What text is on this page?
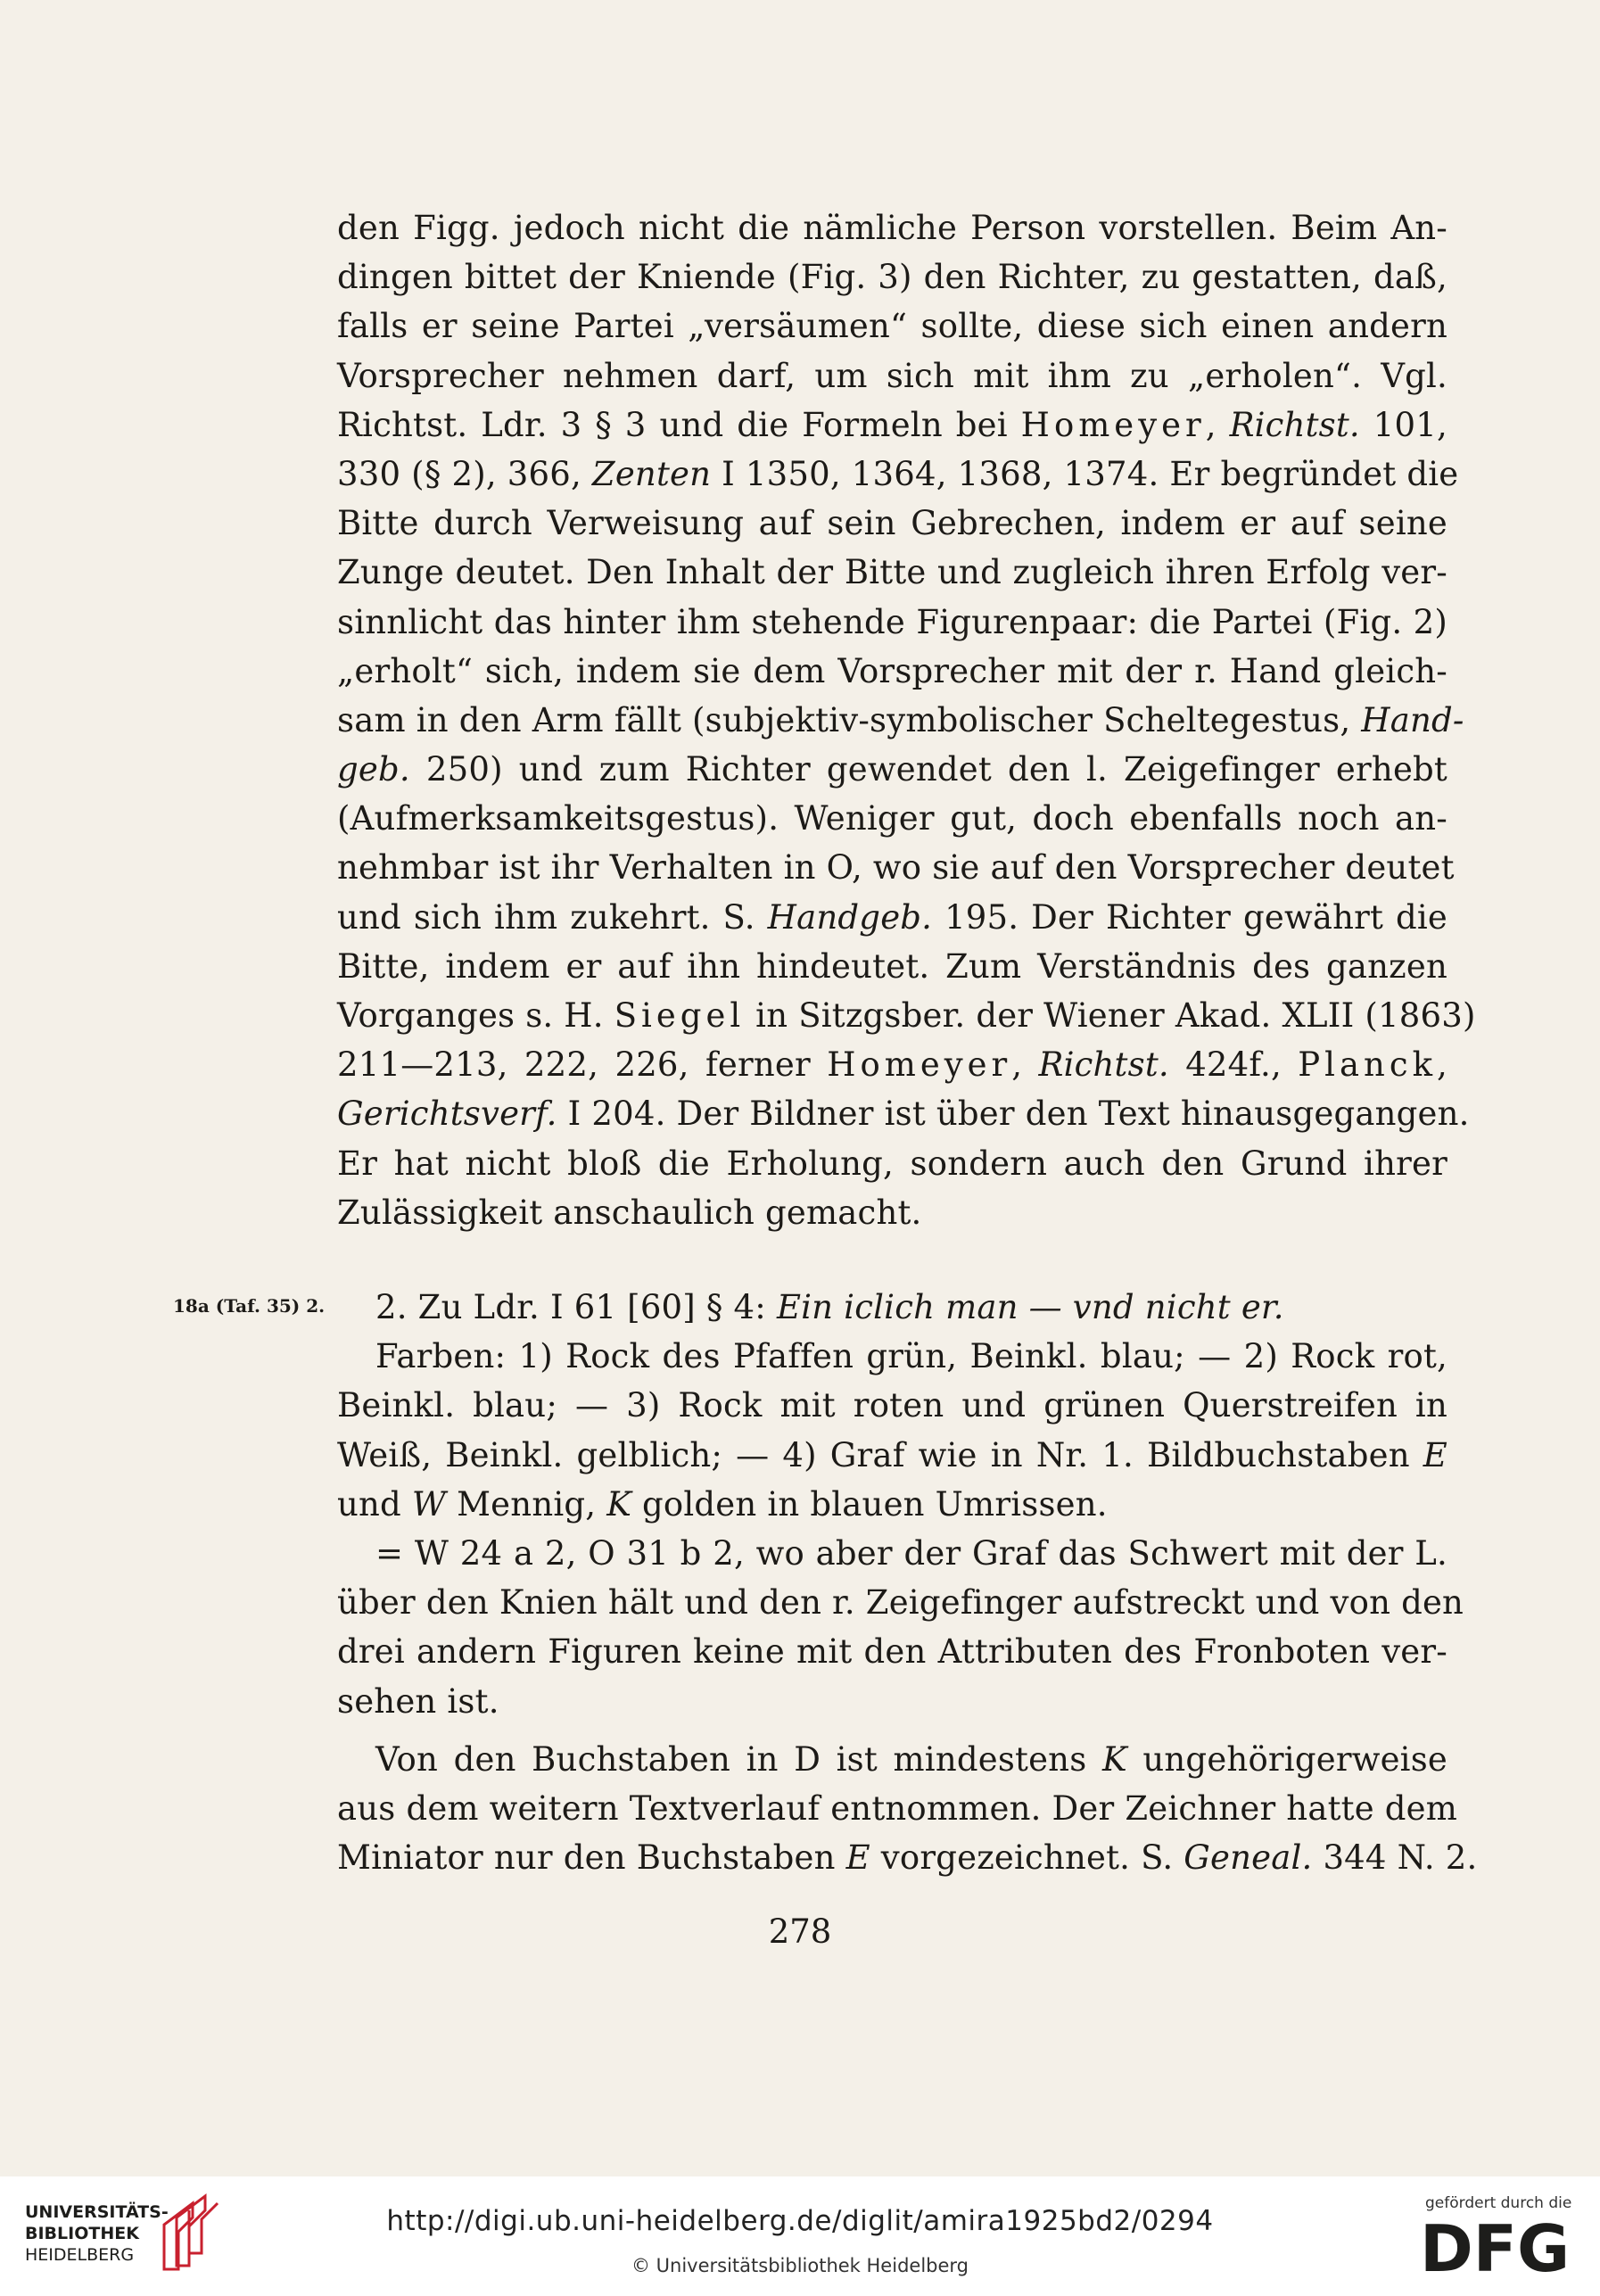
den Figg. jedoch nicht die nämliche Person vorstellen. Beim An-
dingen bittet der Kniende (Fig. 3) den Richter, zu gestatten, daß,
falls er seine Partei „versäumen“ sollte, diese sich einen andern
Vorsprecher nehmen darf, um sich mit ihm zu „erholen“. Vgl.
Richtst. Ldr. 3 § 3 und die Formeln bei Homeyer, Richtst. 101,
330 (§ 2), 366, Zenten I 1350, 1364, 1368, 1374. Er begründet die
Bitte durch Verweisung auf sein Gebrechen, indem er auf seine
Zunge deutet. Den Inhalt der Bitte und zugleich ihren Erfolg ver-
sinnlicht das hinter ihm stehende Figurenpaar: die Partei (Fig. 2)
„erholt“ sich, indem sie dem Vorsprecher mit der r. Hand gleich-
sam in den Arm fällt (subjektiv-symbolischer Scheltegestus, Hand-
geb. 250) und zum Richter gewendet den l. Zeigefinger erhebt
(Aufmerksamkeitsgestus). Weniger gut, doch ebenfalls noch an-
nehmbar ist ihr Verhalten in O, wo sie auf den Vorsprecher deutet
und sich ihm zukehrt. S. Handgeb. 195. Der Richter gewährt die
Bitte, indem er auf ihn hindeutet. Zum Verständnis des ganzen
Vorganges s. H. Siegel in Sitzgsber. der Wiener Akad. XLII (1863)
211—213, 222, 226, ferner Homeyer, Richtst. 424f., Planck,
Gerichtsverf. I 204. Der Bildner ist über den Text hinausgegangen.
Er hat nicht bloß die Erholung, sondern auch den Grund ihrer
Zulässigkeit anschaulich gemacht.
18a (Taf. 35) 2.	2. Zu Ldr. I 61 [60] § 4: Ein iclich man — vnd nicht er.
Farben: 1) Rock des Pfaffen grün, Beinkl. blau; — 2) Rock rot,
Beinkl. blau; — 3) Rock mit roten und grünen Querstreifen in
Weiß, Beinkl. gelblich; — 4) Graf wie in Nr. 1. Bildbuchstaben E
und W Mennig, K golden in blauen Umrissen.
= W 24 a 2, O 31 b 2, wo aber der Graf das Schwert mit der L.
über den Knien hält und den r. Zeigefinger aufstreckt und von den
drei andern Figuren keine mit den Attributen des Fronboten ver-
sehen ist.
Von den Buchstaben in D ist mindestens K ungehörigerweise
aus dem weitern Textverlauf entnommen. Der Zeichner hatte dem
Miniator nur den Buchstaben E vorgezeichnet. S. Geneal. 344 N. 2.
278
UNIVERSITÄTS-
BIBLIOTHEK
HEIDELBERG
http://digi.ub.uni-heidelberg.de/diglit/amira1925bd2/0294
© Universitätsbibliothek Heidelberg
gefördert durch die
DFG
